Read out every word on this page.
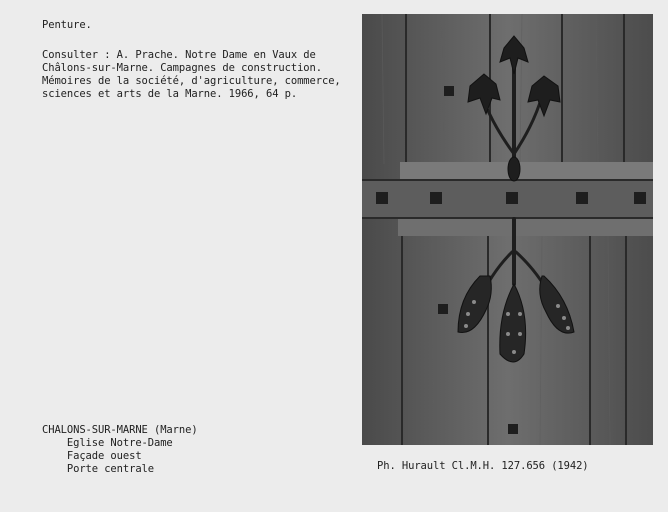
Penture.
Consulter : A. Prache. Notre Dame en Vaux de
Châlons-sur-Marne. Campagnes de construction.
Mémoires de la société, d'agriculture, commerce,
sciences et arts de la Marne. 1966, 64 p.
CHALONS-SUR-MARNE (Marne)
Eglise Notre-Dame
Façade ouest
Porte centrale	Ph. Hurault Cl.M.H. 127.656 (1942)
